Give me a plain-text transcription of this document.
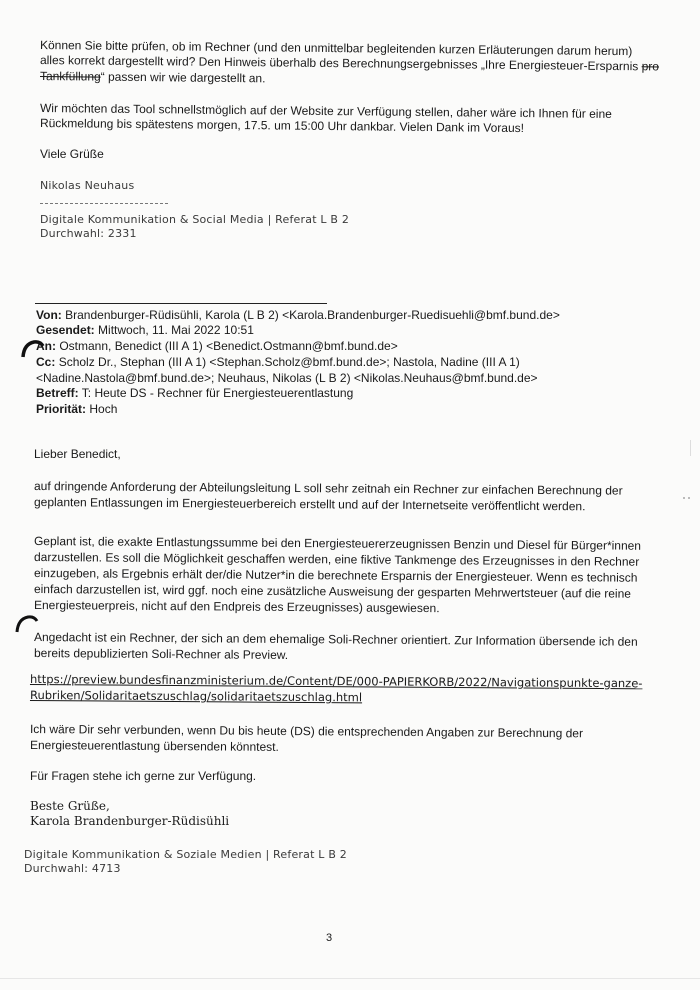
Können Sie bitte prüfen, ob im Rechner (und den unmittelbar begleitenden kurzen Erläuterungen darum herum)
alles korrekt dargestellt wird? Den Hinweis überhalb des Berechnungsergebnisses „Ihre Energiesteuer-Ersparnis pro
Tankfüllung“ passen wir wie dargestellt an.
Wir möchten das Tool schnellstmöglich auf der Website zur Verfügung stellen, daher wäre ich Ihnen für eine
Rückmeldung bis spätestens morgen, 17.5. um 15:00 Uhr dankbar. Vielen Dank im Voraus!
Viele Grüße
Nikolas Neuhaus
Digitale Kommunikation & Social Media | Referat L B 2
Durchwahl: 2331
Von: Brandenburger-Rüdisühli, Karola (L B 2) <Karola.Brandenburger-Ruedisuehli@bmf.bund.de>
Gesendet: Mittwoch, 11. Mai 2022 10:51
An: Ostmann, Benedict (III A 1) <Benedict.Ostmann@bmf.bund.de>
Cc: Scholz Dr., Stephan (III A 1) <Stephan.Scholz@bmf.bund.de>; Nastola, Nadine (III A 1)
<Nadine.Nastola@bmf.bund.de>; Neuhaus, Nikolas (L B 2) <Nikolas.Neuhaus@bmf.bund.de>
Betreff: T: Heute DS - Rechner für Energiesteuerentlastung
Priorität: Hoch
Lieber Benedict,
auf dringende Anforderung der Abteilungsleitung L soll sehr zeitnah ein Rechner zur einfachen Berechnung der
geplanten Entlassungen im Energiesteuerbereich erstellt und auf der Internetseite veröffentlicht werden.
Geplant ist, die exakte Entlastungssumme bei den Energiesteuererzeugnissen Benzin und Diesel für Bürger*innen
darzustellen. Es soll die Möglichkeit geschaffen werden, eine fiktive Tankmenge des Erzeugnisses in den Rechner
einzugeben, als Ergebnis erhält der/die Nutzer*in die berechnete Ersparnis der Energiesteuer. Wenn es technisch
einfach darzustellen ist, wird ggf. noch eine zusätzliche Ausweisung der gesparten Mehrwertsteuer (auf die reine
Energiesteuerpreis, nicht auf den Endpreis des Erzeugnisses) ausgewiesen.
Angedacht ist ein Rechner, der sich an dem ehemalige Soli-Rechner orientiert. Zur Information übersende ich den
bereits depublizierten Soli-Rechner als Preview.
https://preview.bundesfinanzministerium.de/Content/DE/000-PAPIERKORB/2022/Navigationspunkte-ganze-
Rubriken/Solidaritaetszuschlag/solidaritaetszuschlag.html
Ich wäre Dir sehr verbunden, wenn Du bis heute (DS) die entsprechenden Angaben zur Berechnung der
Energiesteuerentlastung übersenden könntest.
Für Fragen stehe ich gerne zur Verfügung.
Beste Grüße,
Karola Brandenburger-Rüdisühli
Digitale Kommunikation & Soziale Medien | Referat L B 2
Durchwahl: 4713
3
